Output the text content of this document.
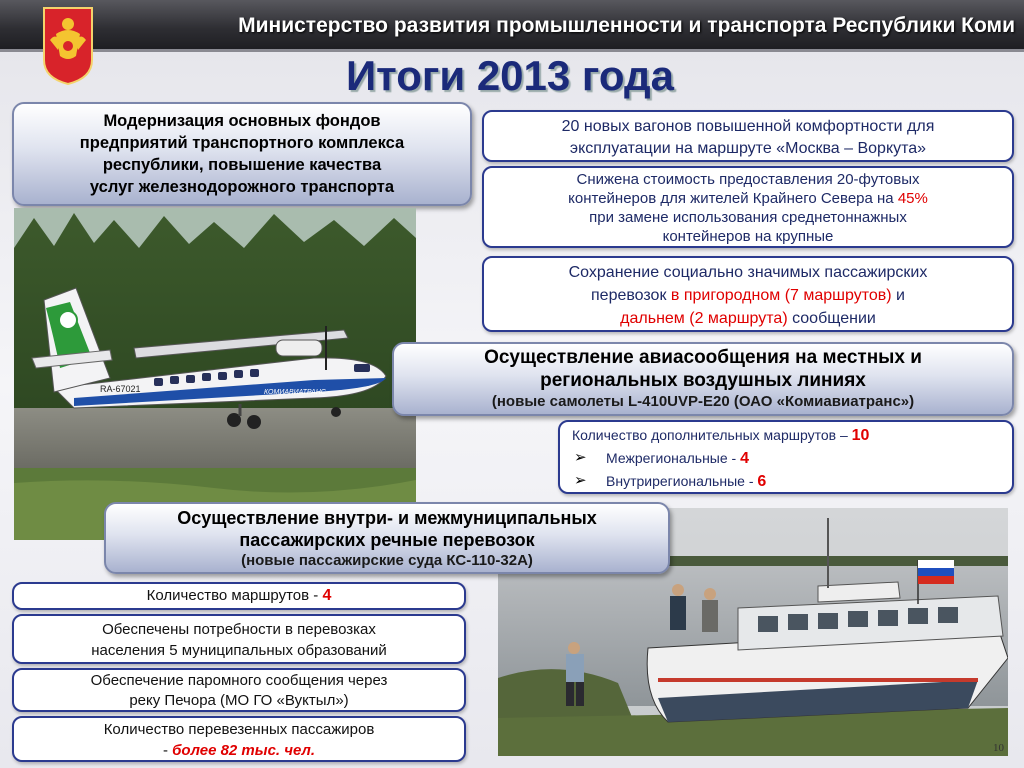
Министерство развития промышленности и транспорта Республики Коми
Итоги 2013 года
Модернизация основных фондов
предприятий транспортного комплекса
республики, повышение качества
услуг железнодорожного транспорта
20 новых вагонов повышенной комфортности для
эксплуатации на маршруте «Москва – Воркута»
Снижена стоимость предоставления 20-футовых
контейнеров для жителей Крайнего Севера на 45%
при замене использования среднетоннажных
контейнеров на крупные
Сохранение социально значимых пассажирских
перевозок в пригородном (7 маршрутов) и
дальнем (2 маршрута) сообщении
RA-67021	КОМИАВИАТРАНС
Осуществление авиасообщения на местных и
региональных воздушных линиях
(новые самолеты L-410UVP-E20 (ОАО «Комиавиатранс»)
Количество дополнительных маршрутов – 10
➢ Межрегиональные - 4
➢ Внутрирегиональные - 6
Осуществление внутри- и межмуниципальных
пассажирских речные перевозок
(новые пассажирские суда КС-110-32А)
Количество маршрутов - 4
Обеспечены потребности в перевозках
населения 5 муниципальных образований
Обеспечение паромного сообщения через
реку Печора (МО ГО «Вуктыл»)
Количество перевезенных пассажиров
- более 82 тыс. чел.	10
